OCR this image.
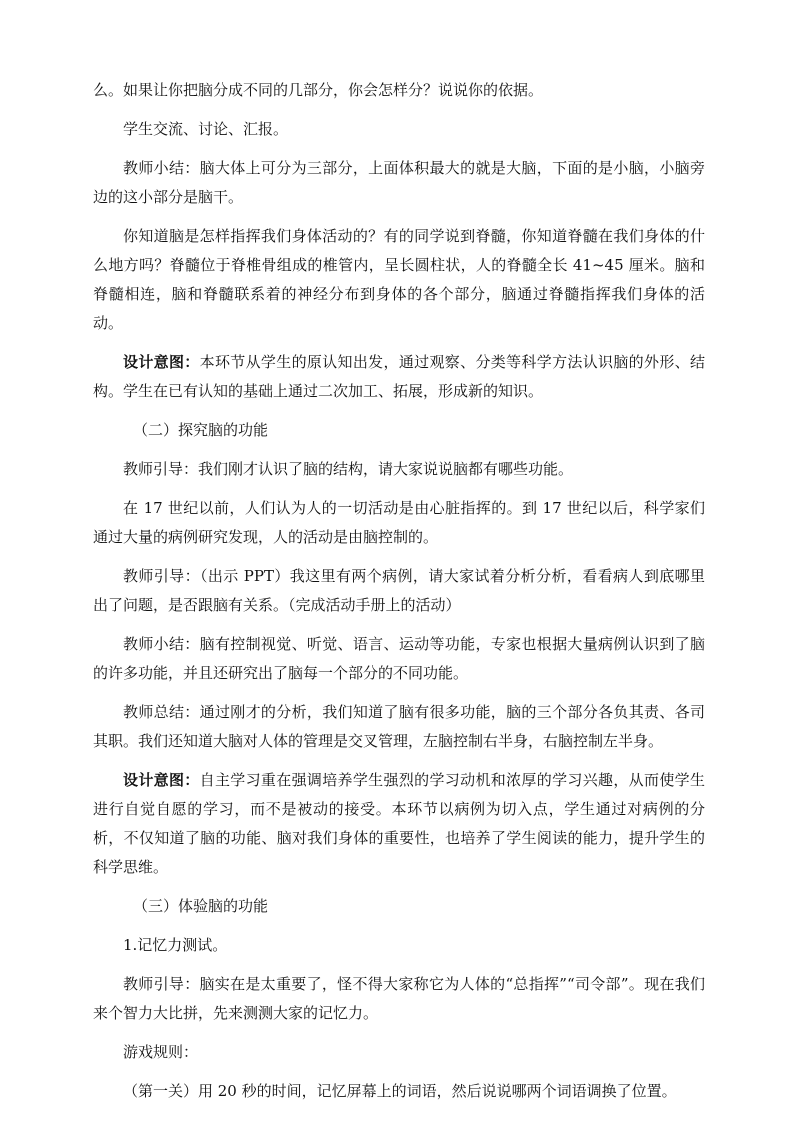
么。如果让你把脑分成不同的几部分，你会怎样分？说说你的依据。

学生交流、讨论、汇报。

教师小结：脑大体上可分为三部分，上面体积最大的就是大脑，下面的是小脑，小脑旁边的这小部分是脑干。

你知道脑是怎样指挥我们身体活动的？有的同学说到脊髓，你知道脊髓在我们身体的什么地方吗？脊髓位于脊椎骨组成的椎管内，呈长圆柱状，人的脊髓全长 41~45 厘米。脑和脊髓相连，脑和脊髓联系着的神经分布到身体的各个部分，脑通过脊髓指挥我们身体的活动。

设计意图：本环节从学生的原认知出发，通过观察、分类等科学方法认识脑的外形、结构。学生在已有认知的基础上通过二次加工、拓展，形成新的知识。

（二）探究脑的功能

教师引导：我们刚才认识了脑的结构，请大家说说脑都有哪些功能。

在 17 世纪以前，人们认为人的一切活动是由心脏指挥的。到 17 世纪以后，科学家们通过大量的病例研究发现，人的活动是由脑控制的。

教师引导：（出示 PPT）我这里有两个病例，请大家试着分析分析，看看病人到底哪里出了问题，是否跟脑有关系。（完成活动手册上的活动）

教师小结：脑有控制视觉、听觉、语言、运动等功能，专家也根据大量病例认识到了脑的许多功能，并且还研究出了脑每一个部分的不同功能。

教师总结：通过刚才的分析，我们知道了脑有很多功能，脑的三个部分各负其责、各司其职。我们还知道大脑对人体的管理是交叉管理，左脑控制右半身，右脑控制左半身。

设计意图：自主学习重在强调培养学生强烈的学习动机和浓厚的学习兴趣，从而使学生进行自觉自愿的学习，而不是被动的接受。本环节以病例为切入点，学生通过对病例的分析，不仅知道了脑的功能、脑对我们身体的重要性，也培养了学生阅读的能力，提升学生的科学思维。

（三）体验脑的功能

1.记忆力测试。

教师引导：脑实在是太重要了，怪不得大家称它为人体的“总指挥”“司令部”。现在我们来个智力大比拼，先来测测大家的记忆力。

游戏规则：

（第一关）用 20 秒的时间，记忆屏幕上的词语，然后说说哪两个词语调换了位置。
